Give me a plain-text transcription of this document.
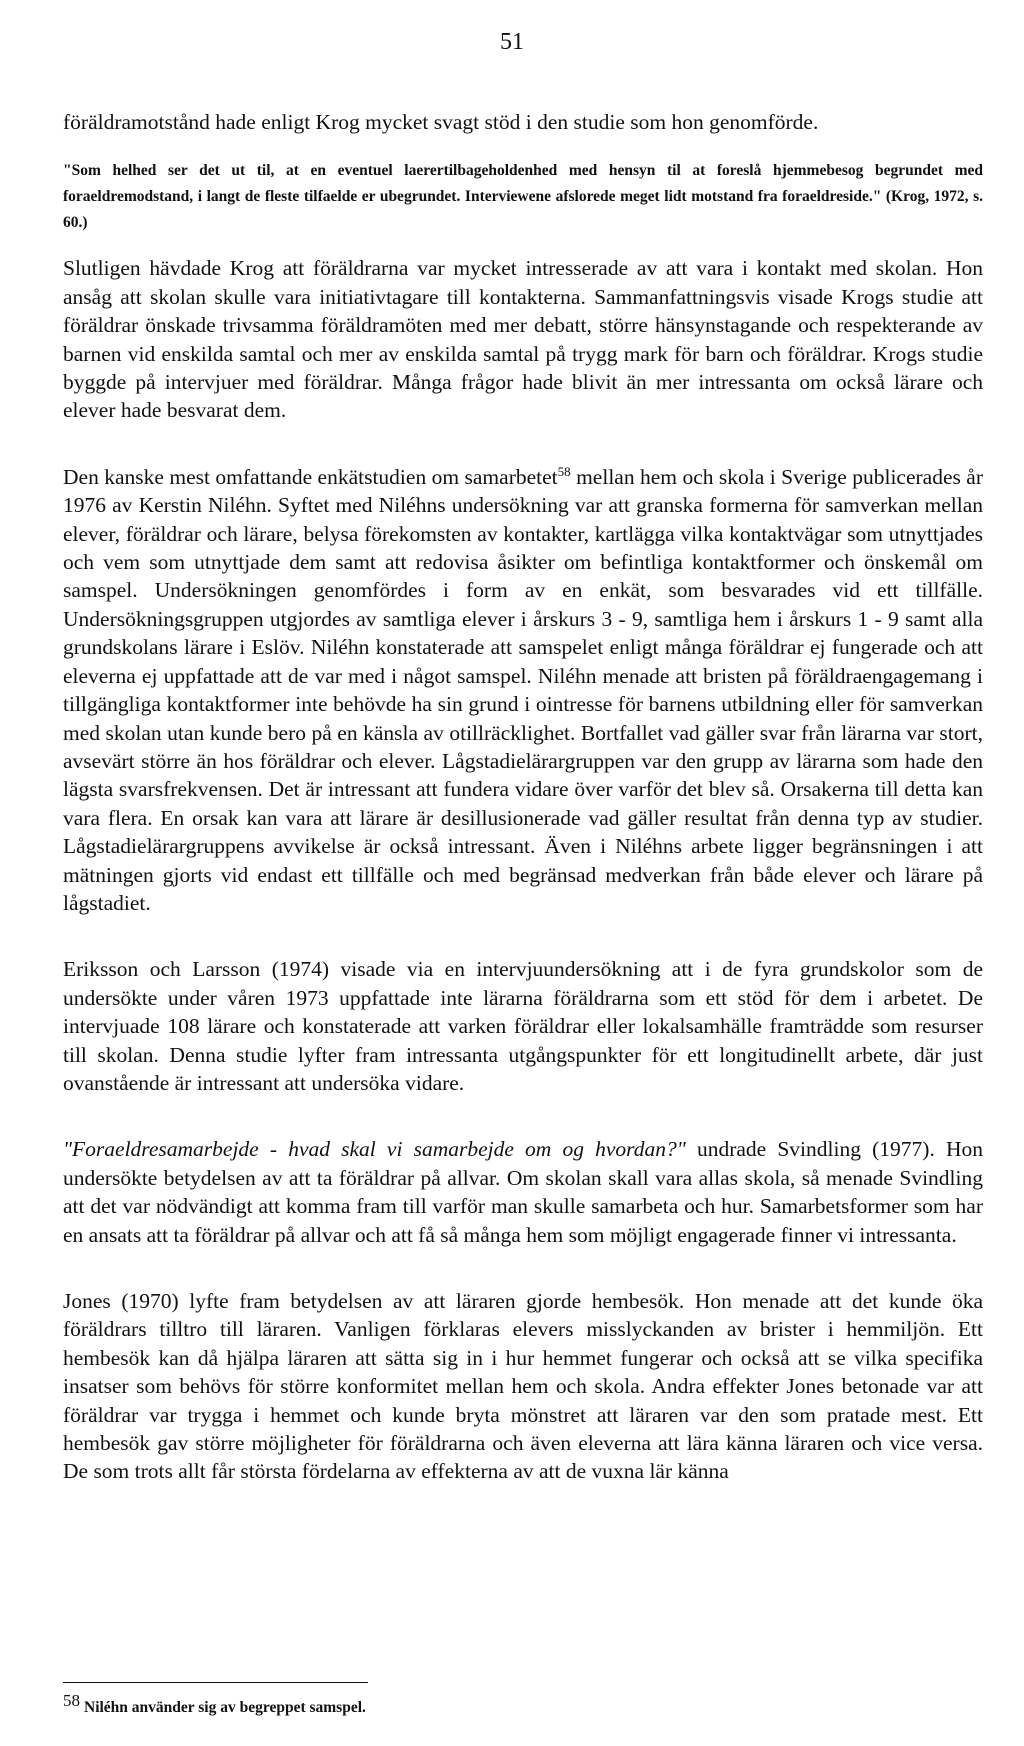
51

föräldramotstånd hade enligt Krog mycket svagt stöd i den studie som hon genomförde.

"Som helhed ser det ut til, at en eventuel laerertilbageholdenhed med hensyn til at foreslå hjemmebesog begrundet med foraeldremodstand, i langt de fleste tilfaelde er ubegrundet. Interviewene afslorede meget lidt motstand fra foraeldreside." (Krog, 1972, s. 60.)

Slutligen hävdade Krog att föräldrarna var mycket intresserade av att vara i kontakt med skolan. Hon ansåg att skolan skulle vara initiativtagare till kontakterna. Sammanfattningsvis visade Krogs studie att föräldrar önskade trivsamma föräldramöten med mer debatt, större hänsynstagande och respekterande av barnen vid enskilda samtal och mer av enskilda samtal på trygg mark för barn och föräldrar. Krogs studie byggde på intervjuer med föräldrar. Många frågor hade blivit än mer intressanta om också lärare och elever hade besvarat dem.

Den kanske mest omfattande enkätstudien om samarbetet$^{58}$ mellan hem och skola i Sverige publicerades år 1976 av Kerstin Niléhn. Syftet med Niléhns undersökning var att granska formerna för samverkan mellan elever, föräldrar och lärare, belysa förekomsten av kontakter, kartlägga vilka kontaktvägar som utnyttjades och vem som utnyttjade dem samt att redovisa åsikter om befintliga kontaktformer och önskemål om samspel. Undersökningen genomfördes i form av en enkät, som besvarades vid ett tillfälle. Undersökningsgruppen utgjordes av samtliga elever i årskurs 3 - 9, samtliga hem i årskurs 1 - 9 samt alla grundskolans lärare i Eslöv. Niléhn konstaterade att samspelet enligt många föräldrar ej fungerade och att eleverna ej uppfattade att de var med i något samspel. Niléhn menade att bristen på föräldraengagemang i tillgängliga kontaktformer inte behövde ha sin grund i ointresse för barnens utbildning eller för samverkan med skolan utan kunde bero på en känsla av otillräcklighet. Bortfallet vad gäller svar från lärarna var stort, avsevärt större än hos föräldrar och elever. Lågstadielärargruppen var den grupp av lärarna som hade den lägsta svarsfrekvensen. Det är intressant att fundera vidare över varför det blev så. Orsakerna till detta kan vara flera. En orsak kan vara att lärare är desillusionerade vad gäller resultat från denna typ av studier. Lågstadielärargruppens avvikelse är också intressant. Även i Niléhns arbete ligger begränsningen i att mätningen gjorts vid endast ett tillfälle och med begränsad medverkan från både elever och lärare på lågstadiet.

Eriksson och Larsson (1974) visade via en intervjuundersökning att i de fyra grundskolor som de undersökte under våren 1973 uppfattade inte lärarna föräldrarna som ett stöd för dem i arbetet. De intervjuade 108 lärare och konstaterade att varken föräldrar eller lokalsamhälle framträdde som resurser till skolan. Denna studie lyfter fram intressanta utgångspunkter för ett longitudinellt arbete, där just ovanstående är intressant att undersöka vidare.

"Foraeldresamarbejde - hvad skal vi samarbejde om og hvordan?" undrade Svindling (1977). Hon undersökte betydelsen av att ta föräldrar på allvar. Om skolan skall vara allas skola, så menade Svindling att det var nödvändigt att komma fram till varför man skulle samarbeta och hur. Samarbetsformer som har en ansats att ta föräldrar på allvar och att få så många hem som möjligt engagerade finner vi intressanta.

Jones (1970) lyfte fram betydelsen av att läraren gjorde hembesök. Hon menade att det kunde öka föräldrars tilltro till läraren. Vanligen förklaras elevers misslyckanden av brister i hemmiljön. Ett hembesök kan då hjälpa läraren att sätta sig in i hur hemmet fungerar och också att se vilka specifika insatser som behövs för större konformitet mellan hem och skola. Andra effekter Jones betonade var att föräldrar var trygga i hemmet och kunde bryta mönstret att läraren var den som pratade mest. Ett hembesök gav större möjligheter för föräldrarna och även eleverna att lära känna läraren och vice versa. De som trots allt får största fördelarna av effekterna av att de vuxna lär känna

58 Niléhn använder sig av begreppet samspel.
